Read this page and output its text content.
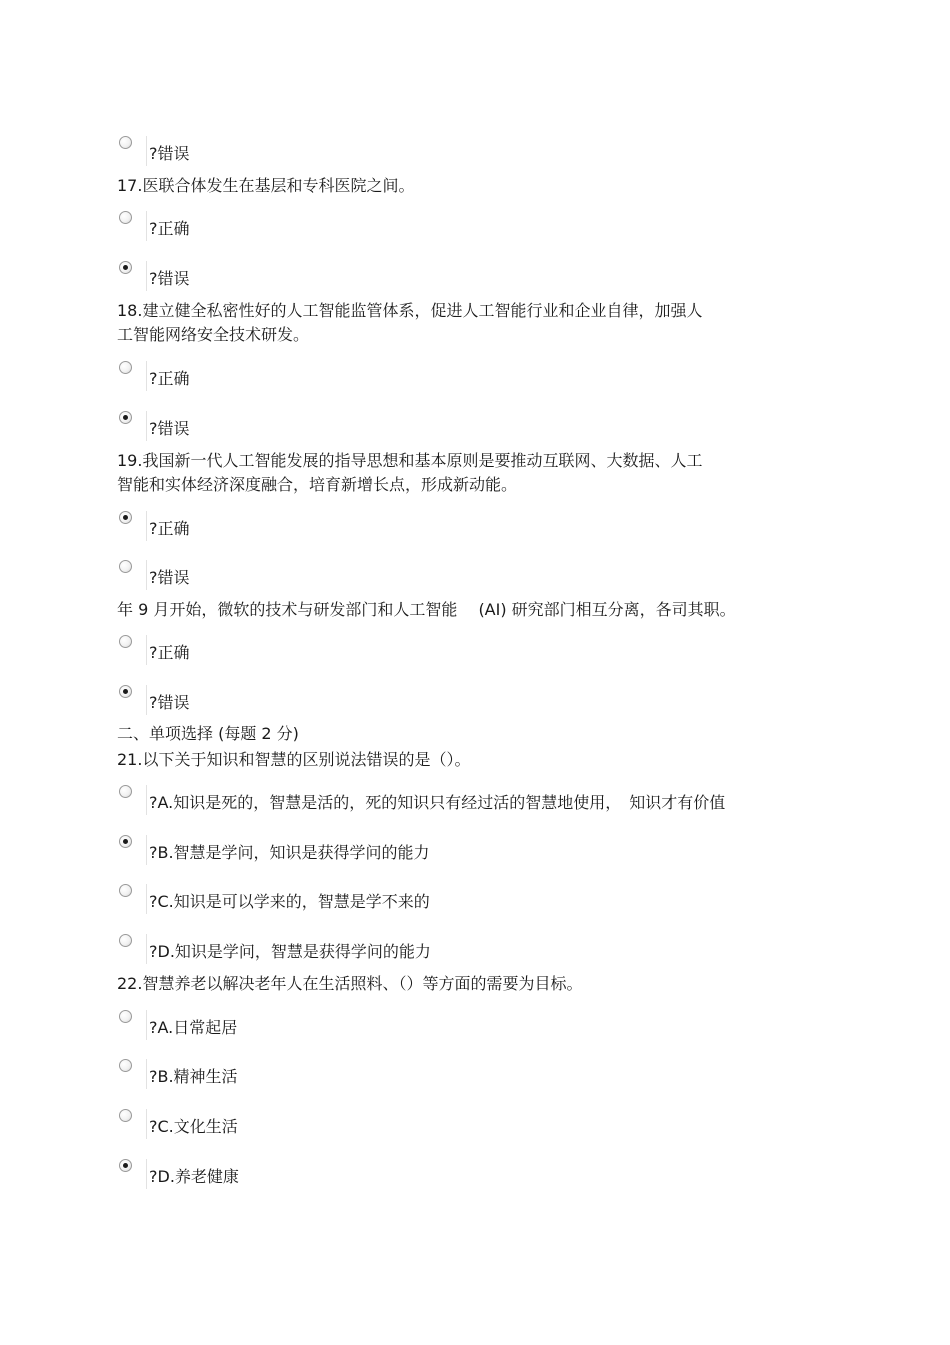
?错误
17.医联合体发生在基层和专科医院之间。
?正确
?错误
18.建立健全私密性好的人工智能监管体系，促进人工智能行业和企业自律，加强人
工智能网络安全技术研发。
?正确
?错误
19.我国新一代人工智能发展的指导思想和基本原则是要推动互联网、大数据、人工
智能和实体经济深度融合，培育新增长点，形成新动能。
?正确
?错误
年 9 月开始，微软的技术与研发部门和人工智能　 (AI) 研究部门相互分离，各司其职。
?正确
?错误
二、单项选择 (每题 2 分)
21.以下关于知识和智慧的区别说法错误的是（）。
?A.知识是死的，智慧是活的，死的知识只有经过活的智慧地使用，　知识才有价值
?B.智慧是学问，知识是获得学问的能力
?C.知识是可以学来的，智慧是学不来的
?D.知识是学问，智慧是获得学问的能力
22.智慧养老以解决老年人在生活照料、（）等方面的需要为目标。
?A.日常起居
?B.精神生活
?C.文化生活
?D.养老健康
